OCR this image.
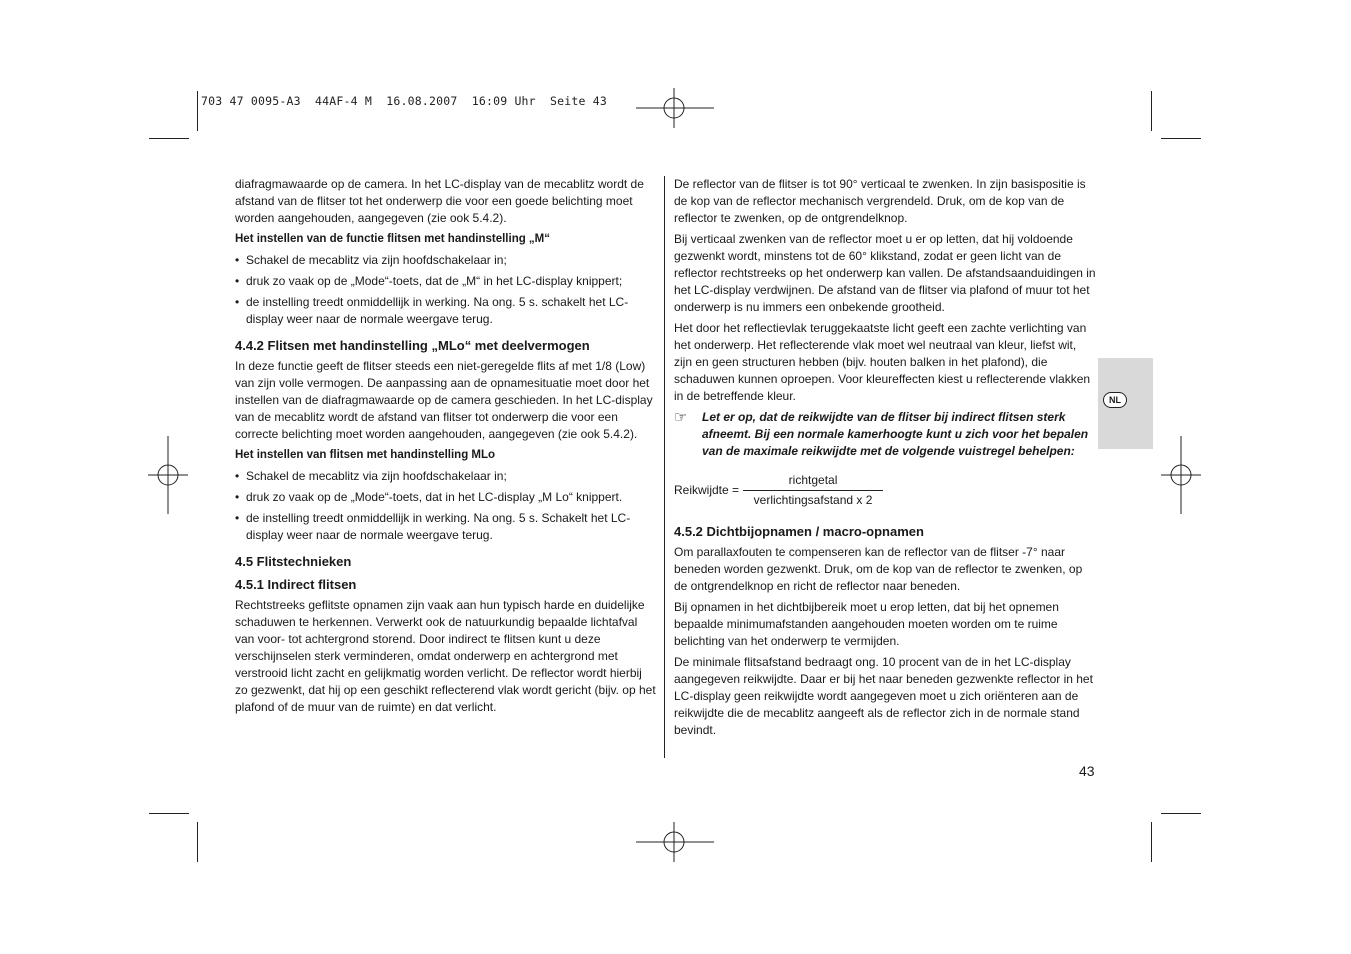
703 47 0095-A3  44AF-4 M  16.08.2007  16:09 Uhr  Seite 43

diafragmawaarde op de camera. In het LC-display van de mecablitz wordt de afstand van de flitser tot het onderwerp die voor een goede belichting moet worden aangehouden, aangegeven (zie ook 5.4.2).

Het instellen van de functie flitsen met handinstelling „M“
• Schakel de mecablitz via zijn hoofdschakelaar in;
• druk zo vaak op de „Mode“-toets, dat de „M“ in het LC-display knippert;
• de instelling treedt onmiddellijk in werking. Na ong. 5 s. schakelt het LC-display weer naar de normale weergave terug.
4.4.2 Flitsen met handinstelling „MLo“ met deelvermogen

In deze functie geeft de flitser steeds een niet-geregelde flits af met 1/8 (Low) van zijn volle vermogen. De aanpassing aan de opnamesituatie moet door het instellen van de diafragmawaarde op de camera geschieden. In het LC-display van de mecablitz wordt de afstand van flitser tot onderwerp die voor een correcte belichting moet worden aangehouden, aangegeven (zie ook 5.4.2).

Het instellen van flitsen met handinstelling MLo
• Schakel de mecablitz via zijn hoofdschakelaar in;
• druk zo vaak op de „Mode“-toets, dat in het LC-display „M Lo“ knippert.
• de instelling treedt onmiddellijk in werking. Na ong. 5 s. Schakelt het LC-display weer naar de normale weergave terug.
4.5 Flitstechnieken
4.5.1 Indirect flitsen

Rechtstreeks geflitste opnamen zijn vaak aan hun typisch harde en duidelijke schaduwen te herkennen. Verwerkt ook de natuurkundig bepaalde lichtafval van voor- tot achtergrond storend. Door indirect te flitsen kunt u deze verschijnselen sterk verminderen, omdat onderwerp en achtergrond met verstrooid licht zacht en gelijkmatig worden verlicht. De reflector wordt hierbij zo gezwenkt, dat hij op een geschikt reflecterend vlak wordt gericht (bijv. op het plafond of de muur van de ruimte) en dat verlicht.

De reflector van de flitser is tot 90° verticaal te zwenken. In zijn basispositie is de kop van de reflector mechanisch vergrendeld. Druk, om de kop van de reflector te zwenken, op de ontgrendelknop.

Bij verticaal zwenken van de reflector moet u er op letten, dat hij voldoende gezwenkt wordt, minstens tot de 60° klikstand, zodat er geen licht van de reflector rechtstreeks op het onderwerp kan vallen. De afstandsaanduidingen in het LC-display verdwijnen. De afstand van de flitser via plafond of muur tot het onderwerp is nu immers een onbekende grootheid.

Het door het reflectievlak teruggekaatste licht geeft een zachte verlichting van het onderwerp. Het reflecterende vlak moet wel neutraal van kleur, liefst wit, zijn en geen structuren hebben (bijv. houten balken in het plafond), die schaduwen kunnen oproepen. Voor kleureffecten kiest u reflecterende vlakken in de betreffende kleur.

☞	Let er op, dat de reikwijdte van de flitser bij indirect flitsen sterk afneemt. Bij een normale kamerhoogte kunt u zich voor het bepalen van de maximale reikwijdte met de volgende vuistregel behelpen:
Reikwijdte = $\frac{\text{richtgetal}}{\text{verlichtingsafstand x 2}}$
4.5.2 Dichtbijopnamen / macro-opnamen

Om parallaxfouten te compenseren kan de reflector van de flitser -7° naar beneden worden gezwenkt. Druk, om de kop van de reflector te zwenken, op de ontgrendelknop en richt de reflector naar beneden.

Bij opnamen in het dichtbijbereik moet u erop letten, dat bij het opnemen bepaalde minimumafstanden aangehouden moeten worden om te ruime belichting van het onderwerp te vermijden.

De minimale flitsafstand bedraagt ong. 10 procent van de in het LC-display aangegeven reikwijdte. Daar er bij het naar beneden gezwenkte reflector in het LC-display geen reikwijdte wordt aangegeven moet u zich oriënteren aan de reikwijdte die de mecablitz aangeeft als de reflector zich in de normale stand bevindt.

NL
43
